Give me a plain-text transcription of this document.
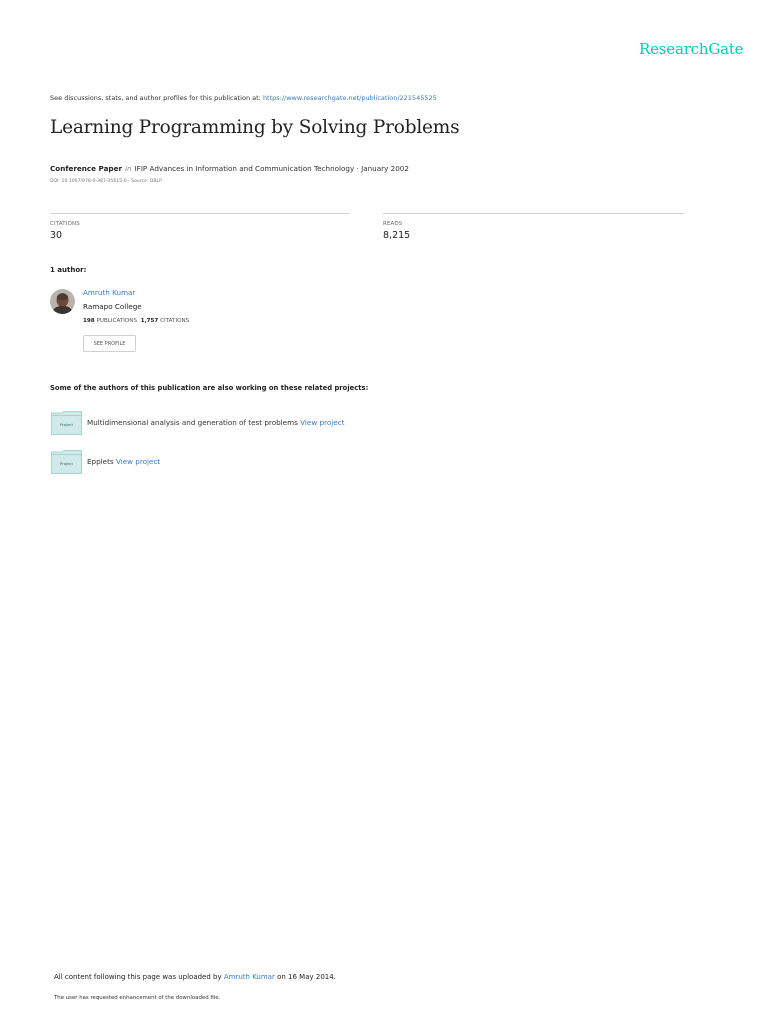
ResearchGate
See discussions, stats, and author profiles for this publication at: https://www.researchgate.net/publication/221545525
Learning Programming by Solving Problems
Conference Paper in IFIP Advances in Information and Communication Technology · January 2002
DOI: 10.1007/978-0-387-35615-0 · Source: DBLP
CITATIONS
30
READS
8,215
1 author:
Amruth Kumar
Ramapo College
198 PUBLICATIONS 1,757 CITATIONS
SEE PROFILE
Some of the authors of this publication are also working on these related projects:
Project	Multidimensional analysis and generation of test problems View project
Project	Epplets View project
All content following this page was uploaded by Amruth Kumar on 16 May 2014.
The user has requested enhancement of the downloaded file.
